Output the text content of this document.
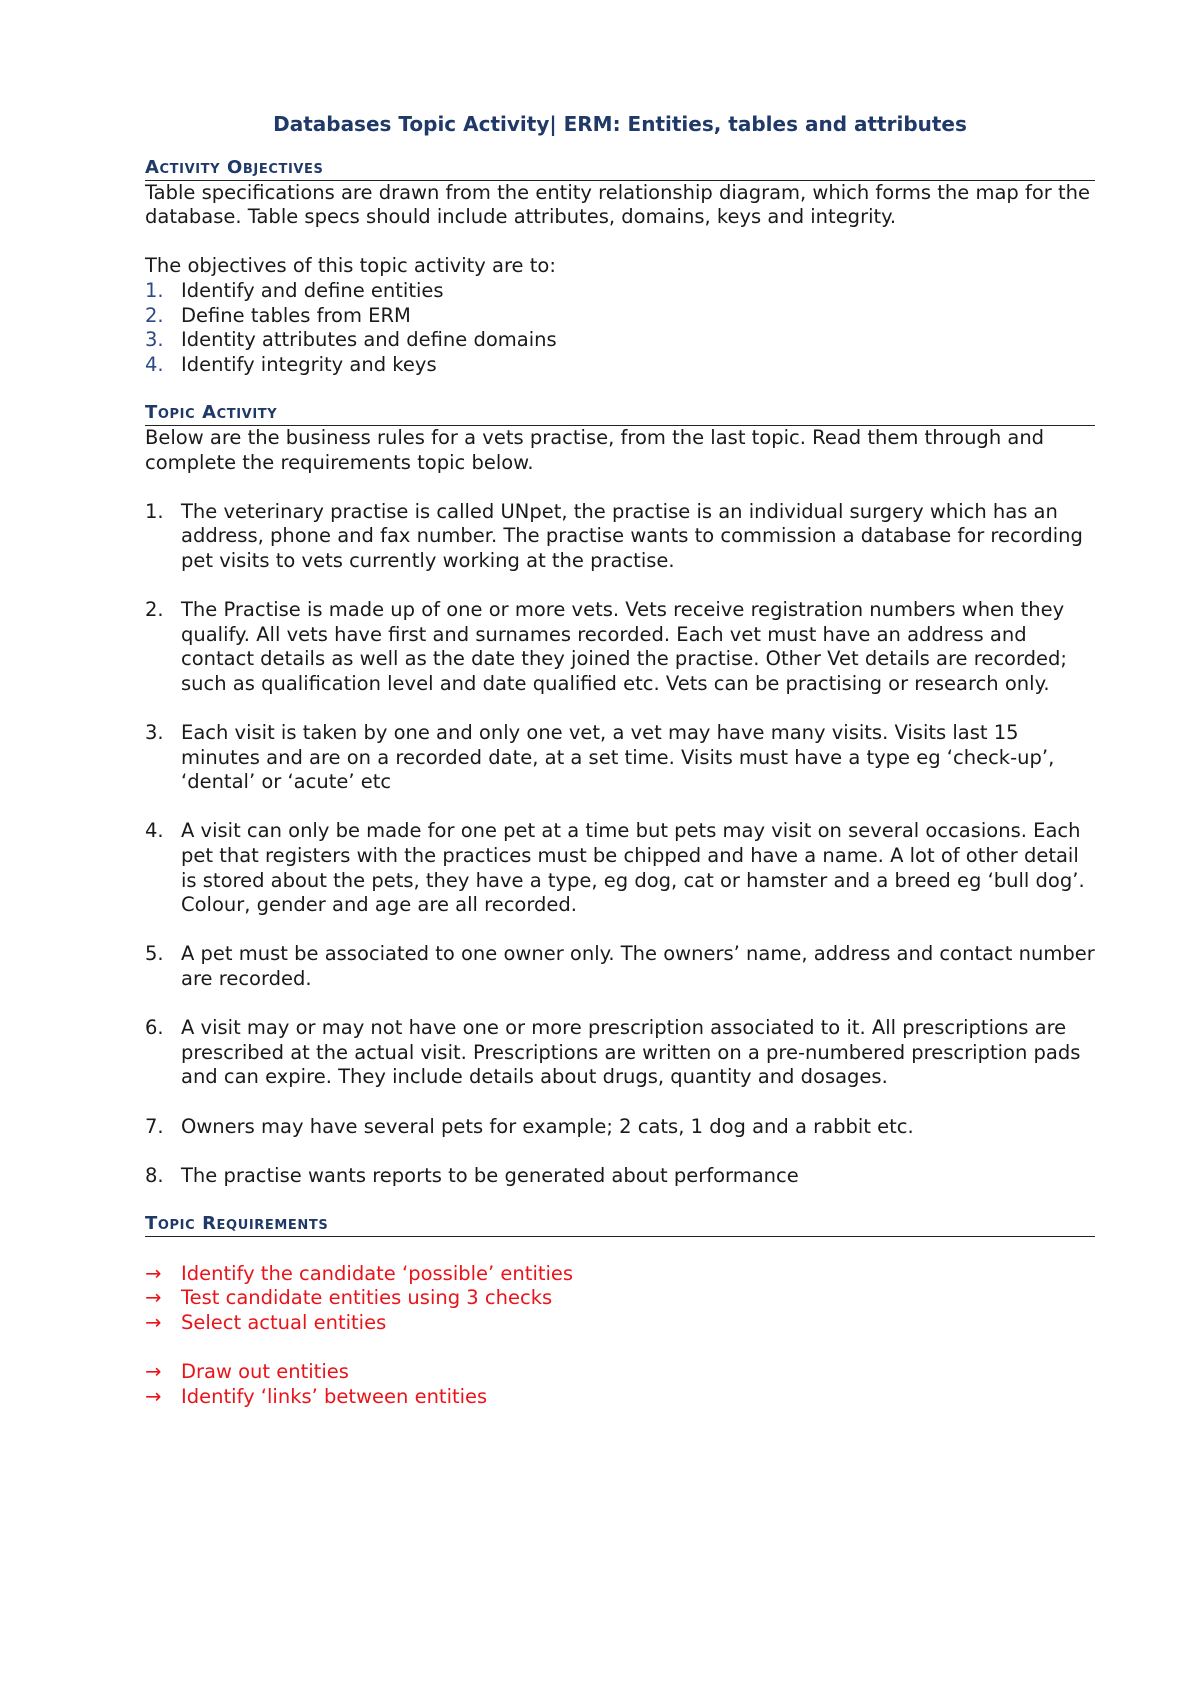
Databases Topic Activity| ERM: Entities, tables and attributes
Activity Objectives

Table specifications are drawn from the entity relationship diagram, which forms the map for the database. Table specs should include attributes, domains, keys and integrity.

The objectives of this topic activity are to:

1. Identify and define entities
2. Define tables from ERM
3. Identity attributes and define domains
4. Identify integrity and keys
Topic Activity

Below are the business rules for a vets practise, from the last topic. Read them through and complete the requirements topic below.

1. The veterinary practise is called UNpet, the practise is an individual surgery which has an address, phone and fax number. The practise wants to commission a database for recording pet visits to vets currently working at the practise.
2. The Practise is made up of one or more vets. Vets receive registration numbers when they qualify. All vets have first and surnames recorded. Each vet must have an address and contact details as well as the date they joined the practise. Other Vet details are recorded; such as qualification level and date qualified etc. Vets can be practising or research only.
3. Each visit is taken by one and only one vet, a vet may have many visits. Visits last 15 minutes and are on a recorded date, at a set time. Visits must have a type eg ‘check-up’, ‘dental’ or ‘acute’ etc
4. A visit can only be made for one pet at a time but pets may visit on several occasions. Each pet that registers with the practices must be chipped and have a name. A lot of other detail is stored about the pets, they have a type, eg dog, cat or hamster and a breed eg ‘bull dog’. Colour, gender and age are all recorded.
5. A pet must be associated to one owner only. The owners’ name, address and contact number are recorded.
6. A visit may or may not have one or more prescription associated to it. All prescriptions are prescribed at the actual visit. Prescriptions are written on a pre-numbered prescription pads and can expire. They include details about drugs, quantity and dosages.
7. Owners may have several pets for example; 2 cats, 1 dog and a rabbit etc.
8. The practise wants reports to be generated about performance
Topic Requirements
→ Identify the candidate ‘possible’ entities
→ Test candidate entities using 3 checks
→ Select actual entities
→ Draw out entities
→ Identify ‘links’ between entities
